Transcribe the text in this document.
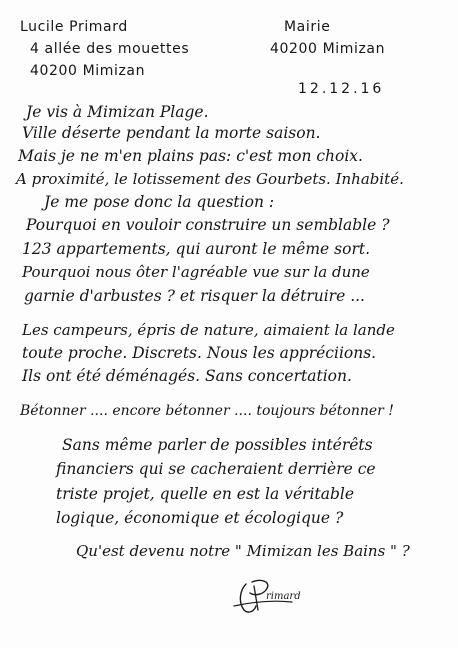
Lucile Primard
4 allée des mouettes
40200 Mimizan
Mairie
40200 Mimizan
12.12.16
Je vis à Mimizan Plage.
Ville déserte pendant la morte saison.
Mais je ne m'en plains pas: c'est mon choix.
A proximité, le lotissement des Gourbets. Inhabité.
Je me pose donc la question :
Pourquoi en vouloir construire un semblable ?
123 appartements, qui auront le même sort.
Pourquoi nous ôter l'agréable vue sur la dune
garnie d'arbustes ? et risquer la détruire ...
Les campeurs, épris de nature, aimaient la lande
toute proche. Discrets. Nous les appréciions.
Ils ont été déménagés. Sans concertation.
Bétonner .... encore bétonner .... toujours bétonner !
Sans même parler de possibles intérêts
financiers qui se cacheraient derrière ce
triste projet, quelle en est la véritable
logique, économique et écologique ?
Qu'est devenu notre " Mimizan les Bains " ?
rimard
